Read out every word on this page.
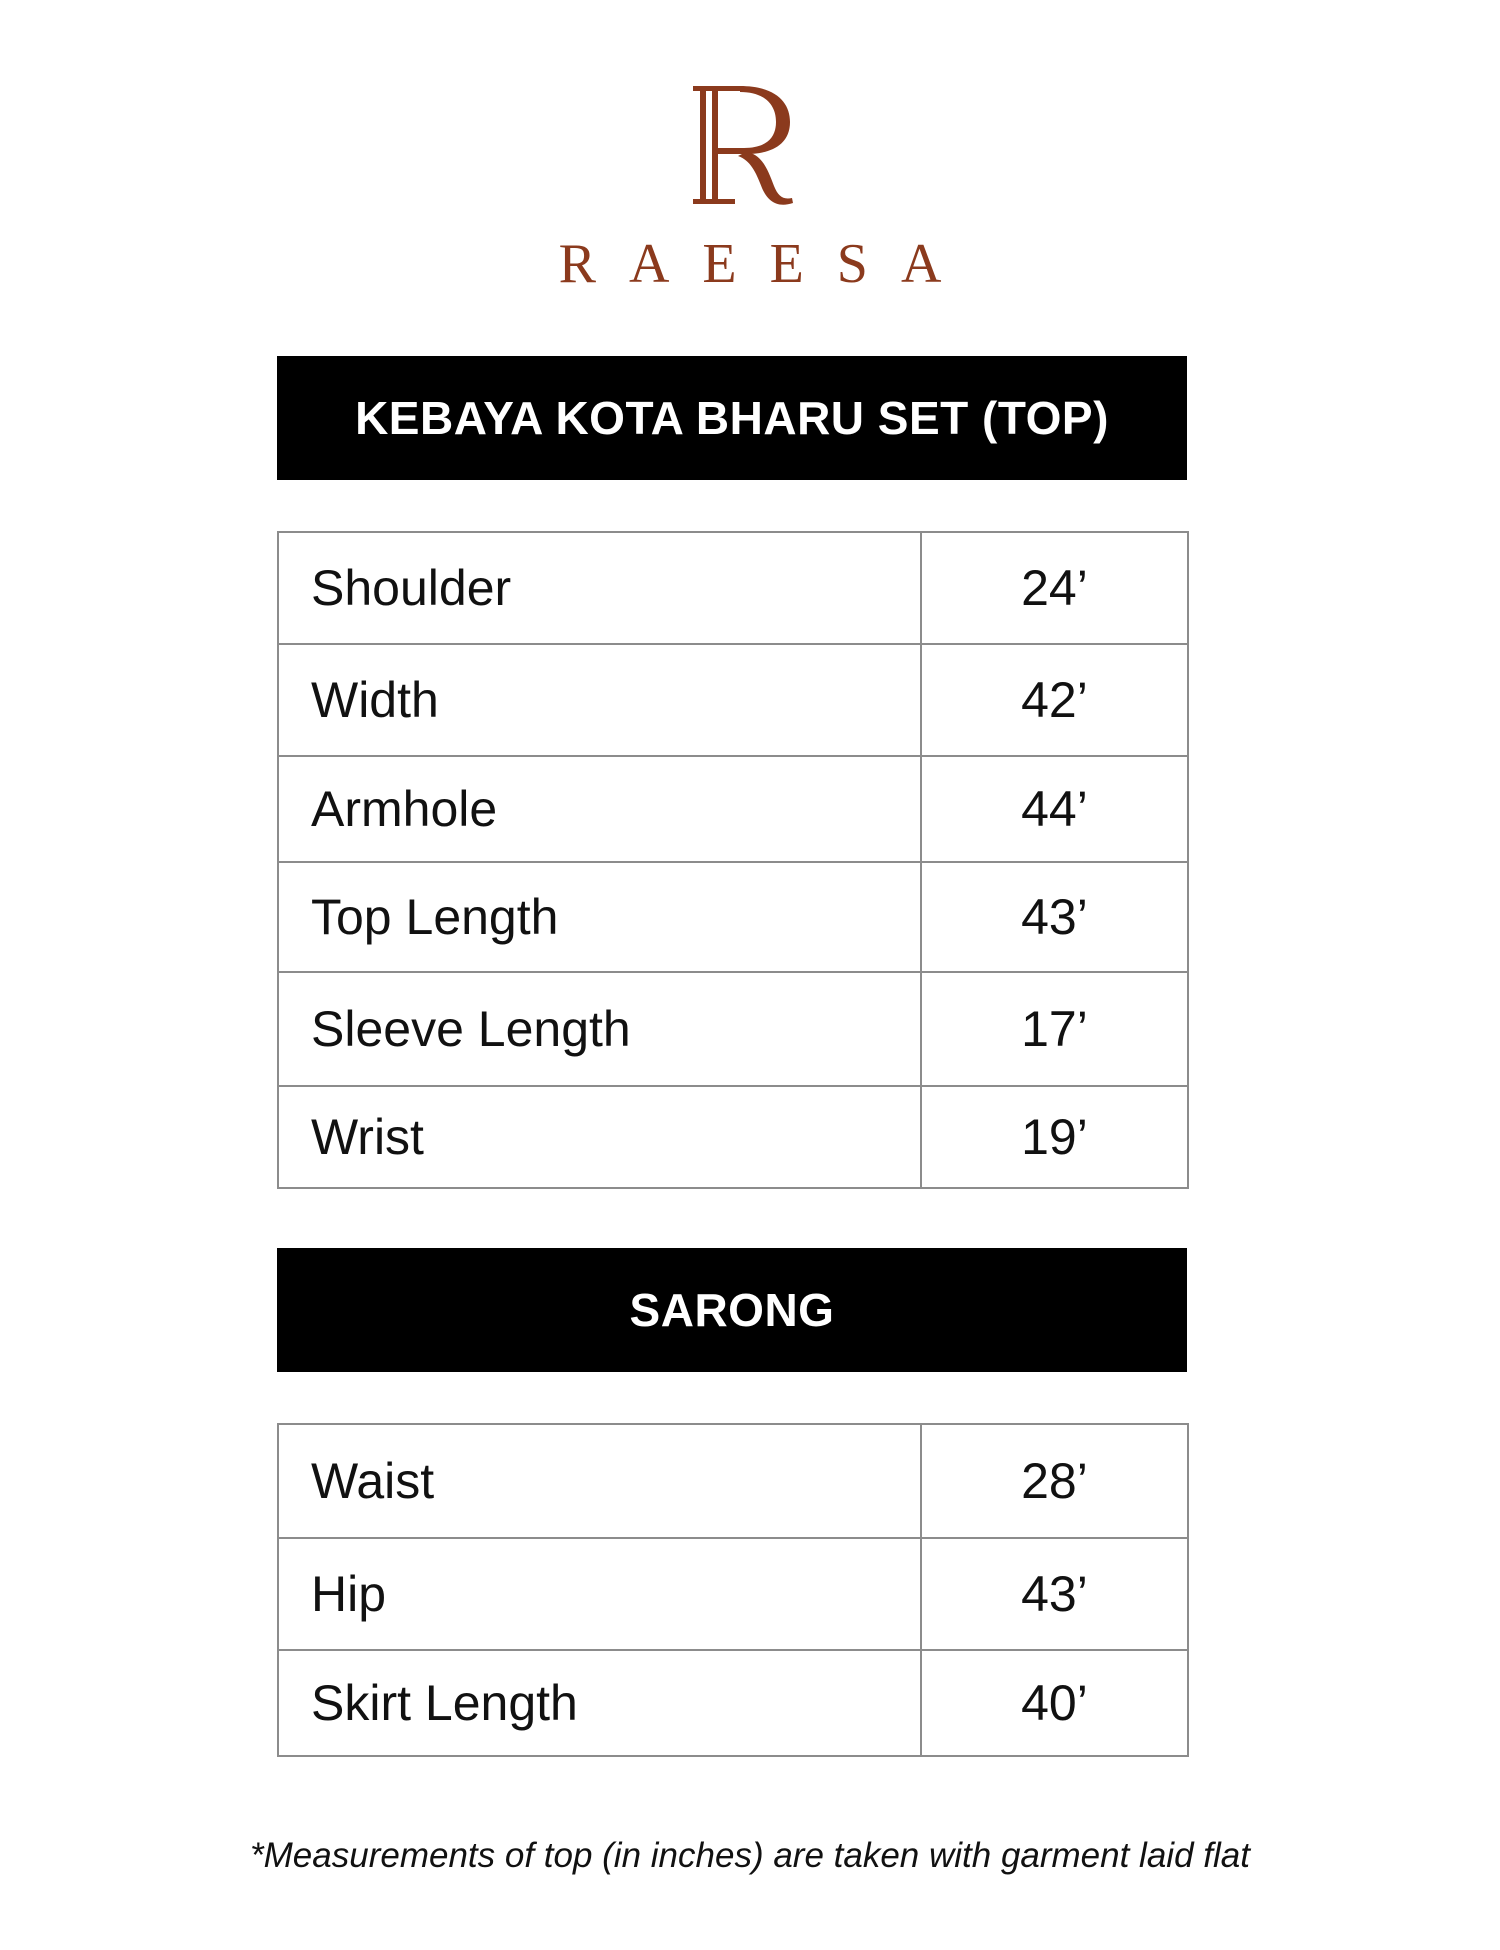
RAEESA
KEBAYA KOTA BHARU SET (TOP)
Shoulder	24’
Width	42’
Armhole	44’
Top Length	43’
Sleeve Length	17’
Wrist	19’
SARONG
Waist	28’
Hip	43’
Skirt Length	40’
*Measurements of top (in inches) are taken with garment laid flat
